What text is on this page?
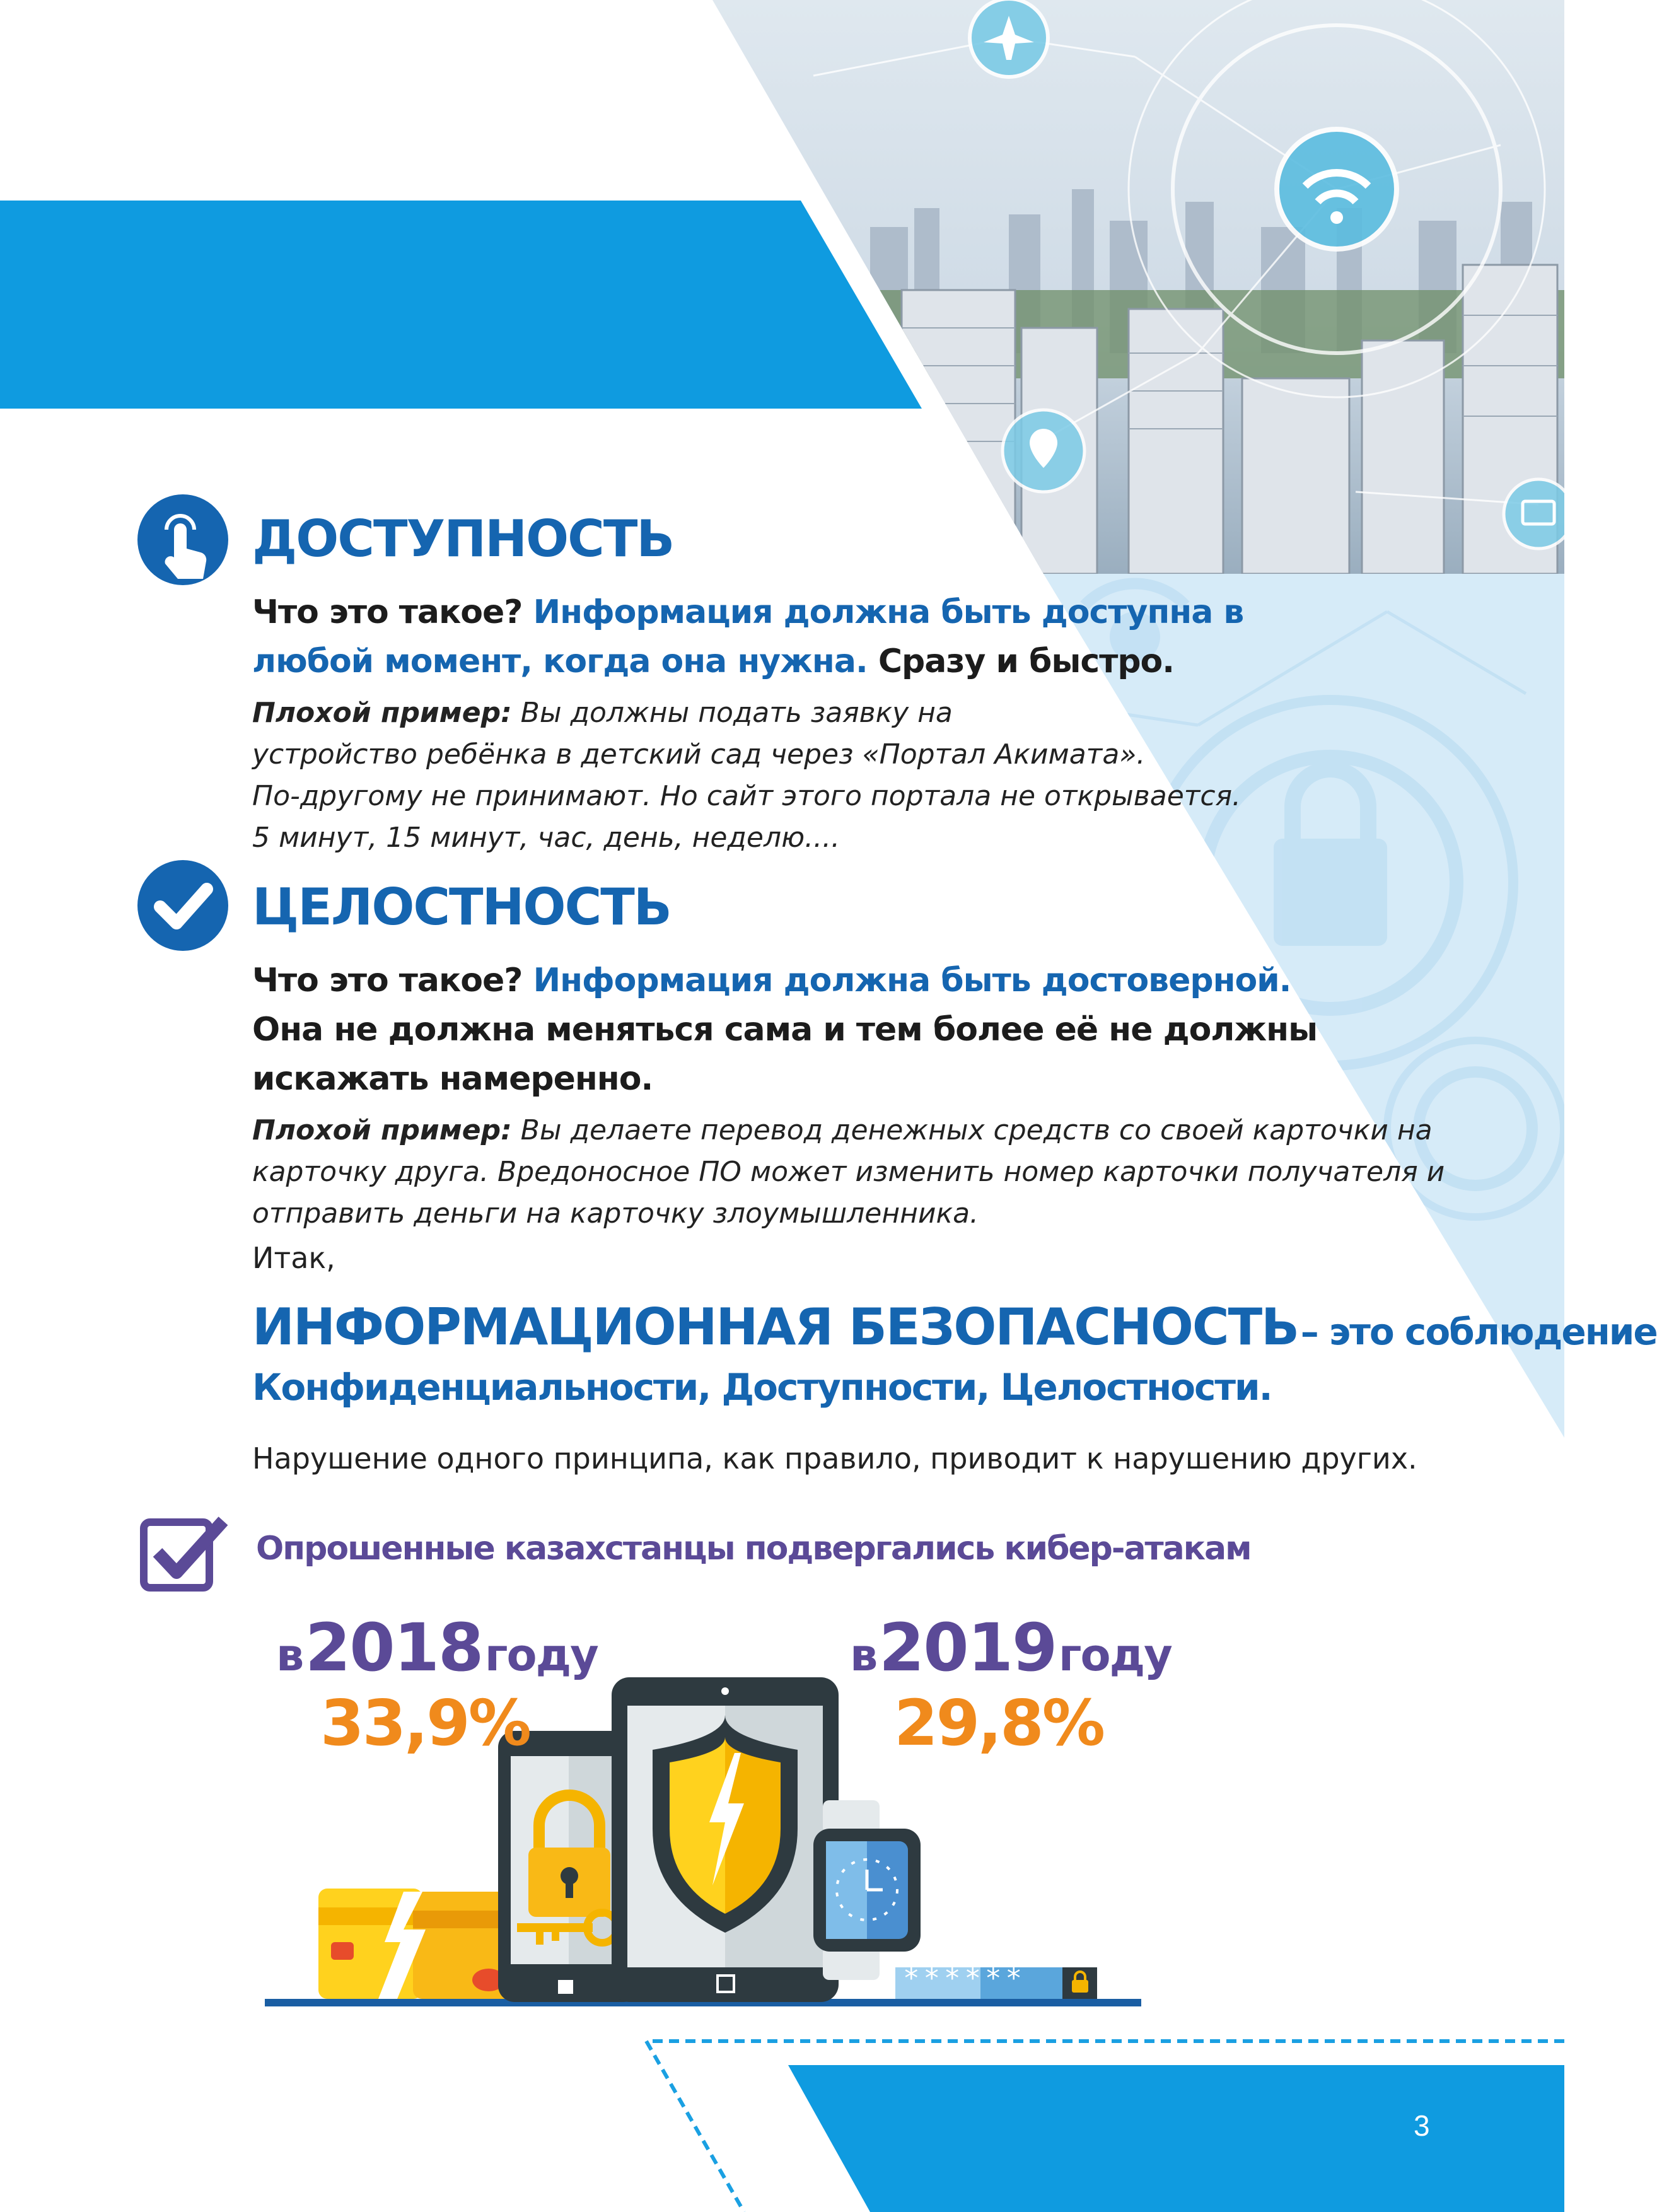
******
ДОСТУПНОСТЬ
Что это такое? Информация должна быть доступна в
любой момент, когда она нужна. Сразу и быстро.
Плохой пример: Вы должны подать заявку на
устройство ребёнка в детский сад через «Портал Акимата».
По-другому не принимают. Но сайт этого портала не открывается.
5 минут, 15 минут, час, день, неделю....
ЦЕЛОСТНОСТЬ
Что это такое? Информация должна быть достоверной.
Она не должна меняться сама и тем более её не должны
искажать намеренно.
Плохой пример: Вы делаете перевод денежных средств со своей карточки на
карточку друга. Вредоносное ПО может изменить номер карточки получателя и
отправить деньги на карточку злоумышленника.
Итак,
ИНФОРМАЦИОННАЯ БЕЗОПАСНОСТЬ – это соблюдение
Конфиденциальности, Доступности, Целостности.
Нарушение одного принципа, как правило, приводит к нарушению других.
Опрошенные казахстанцы подвергались кибер-атакам
в 2018 году
33,9%
в 2019 году
29,8%
3
